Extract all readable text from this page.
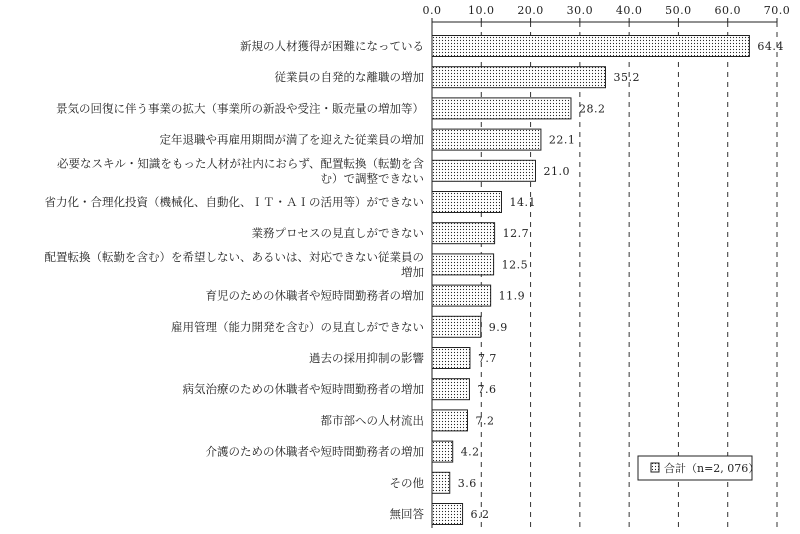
0.0 10.0 20.0 30.0 40.0 50.0 60.0 70.0
新規の人材獲得が困難になっている
従業員の自発的な離職の増加
景気の回復に伴う事業の拡大（事業所の新設や受注・販売量の増加等）
定年退職や再雇用期間が満了を迎えた従業員の増加
必要なスキル・知識をもった人材が社内におらず、配置転換（転勤を含む）で調整できない
省力化・合理化投資（機械化、自動化、ＩＴ・ＡＩの活用等）ができない
業務プロセスの見直しができない
配置転換（転勤を含む）を希望しない、あるいは、対応できない従業員の増加
育児のための休職者や短時間勤務者の増加
雇用管理（能力開発を含む）の見直しができない
過去の採用抑制の影響
病気治療のための休職者や短時間勤務者の増加
都市部への人材流出
介護のための休職者や短時間勤務者の増加
その他
無回答
64.4
35.2
28.2
22.1
21.0
14.1
12.7
12.5
11.9
9.9
7.7
7.6
7.2
4.2
3.6
6.2
合計（n=2, 076）
